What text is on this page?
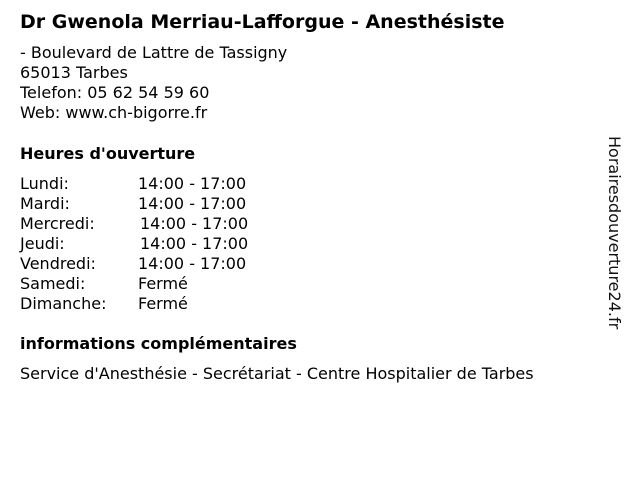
Dr Gwenola Merriau-Lafforgue - Anesthésiste
- Boulevard de Lattre de Tassigny
65013 Tarbes
Telefon: 05 62 54 59 60
Web: www.ch-bigorre.fr
Heures d'ouverture
Lundi:	14:00 - 17:00
Mardi:	14:00 - 17:00
Mercredi:	14:00 - 17:00
Jeudi:	14:00 - 17:00
Vendredi:	14:00 - 17:00
Samedi:	Fermé
Dimanche: Fermé
informations complémentaires
Service d'Anesthésie - Secrétariat - Centre Hospitalier de Tarbes
Horairesdouverture24.fr
